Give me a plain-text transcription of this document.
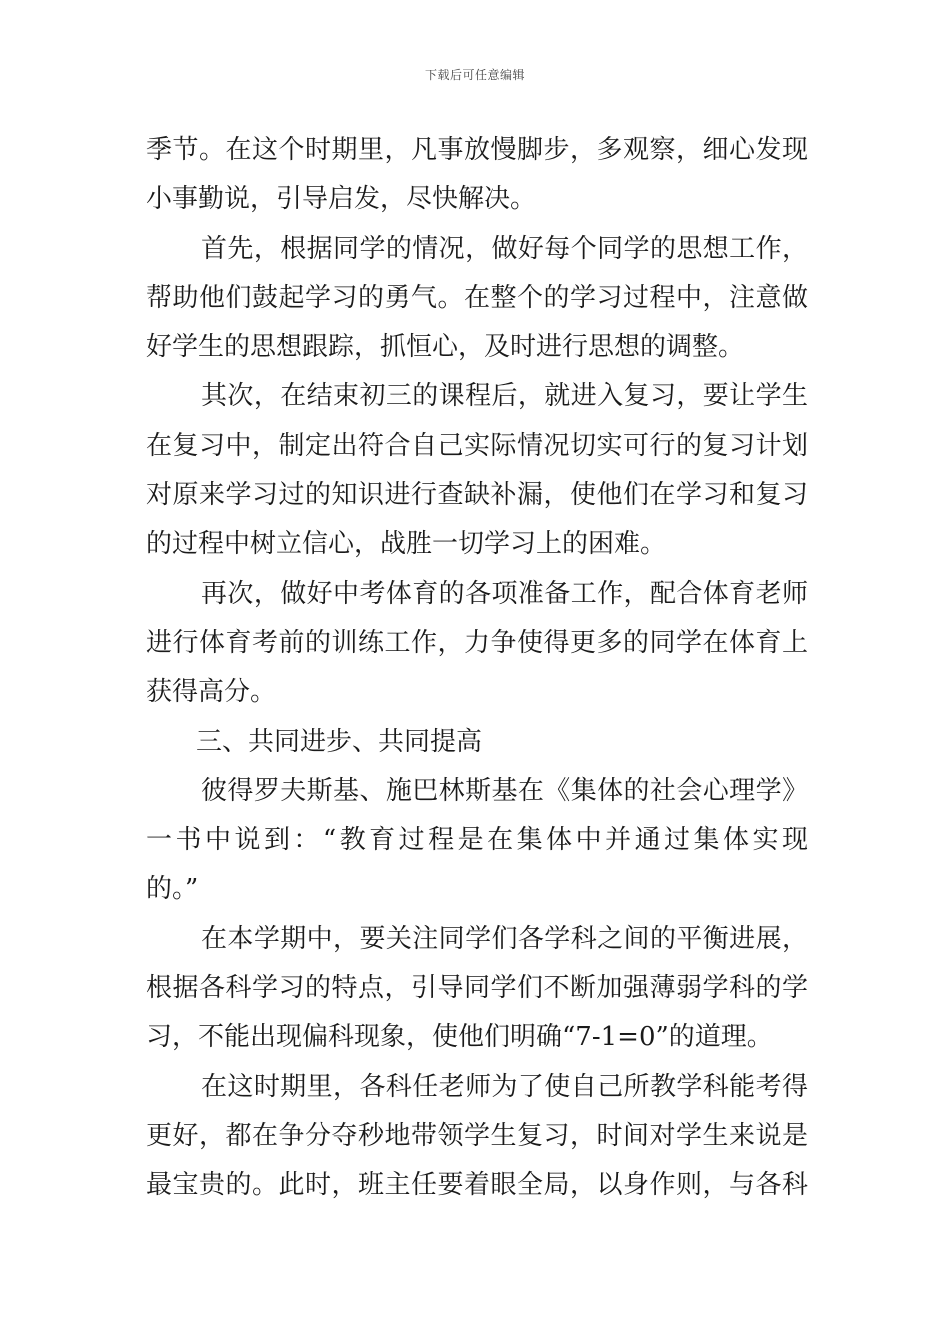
下载后可任意编辑
季节。在这个时期里，凡事放慢脚步，多观察，细心发现
小事勤说，引导启发，尽快解决。
首先，根据同学的情况，做好每个同学的思想工作，
帮助他们鼓起学习的勇气。在整个的学习过程中，注意做
好学生的思想跟踪，抓恒心，及时进行思想的调整。
其次，在结束初三的课程后，就进入复习，要让学生
在复习中，制定出符合自己实际情况切实可行的复习计划
对原来学习过的知识进行查缺补漏，使他们在学习和复习
的过程中树立信心，战胜一切学习上的困难。
再次，做好中考体育的各项准备工作，配合体育老师
进行体育考前的训练工作，力争使得更多的同学在体育上
获得高分。
三、共同进步、共同提高
彼得罗夫斯基、施巴林斯基在《集体的社会心理学》
一书中说到：“教育过程是在集体中并通过集体实现
的。”
在本学期中，要关注同学们各学科之间的平衡进展，
根据各科学习的特点，引导同学们不断加强薄弱学科的学
习，不能出现偏科现象，使他们明确“7-1=0”的道理。
在这时期里，各科任老师为了使自己所教学科能考得
更好，都在争分夺秒地带领学生复习，时间对学生来说是
最宝贵的。此时，班主任要着眼全局，以身作则，与各科
